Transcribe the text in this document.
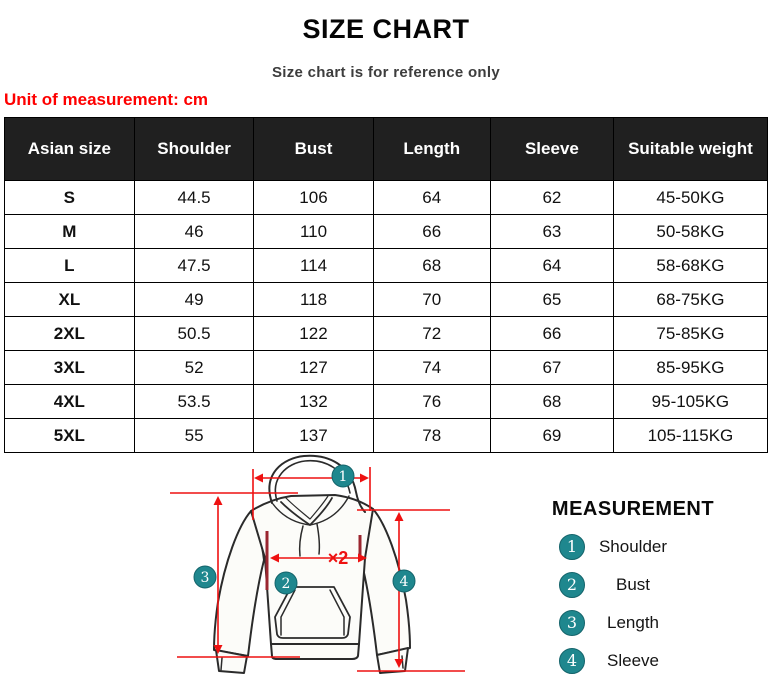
SIZE CHART
Size chart is for reference only
Unit of measurement: cm
Asian size	Shoulder	Bust	Length	Sleeve	Suitable weight
S	44.5	106	64	62	45-50KG
M	46	110	66	63	50-58KG
L	47.5	114	68	64	58-68KG
XL	49	118	70	65	68-75KG
2XL	50.5	122	72	66	75-85KG
3XL	52	127	74	67	85-95KG
4XL	53.5	132	76	68	95-105KG
5XL	55	137	78	69	105-115KG
×2
1
2
3	4
MEASUREMENT
1	Shoulder
2	Bust
3	Length
4	Sleeve
